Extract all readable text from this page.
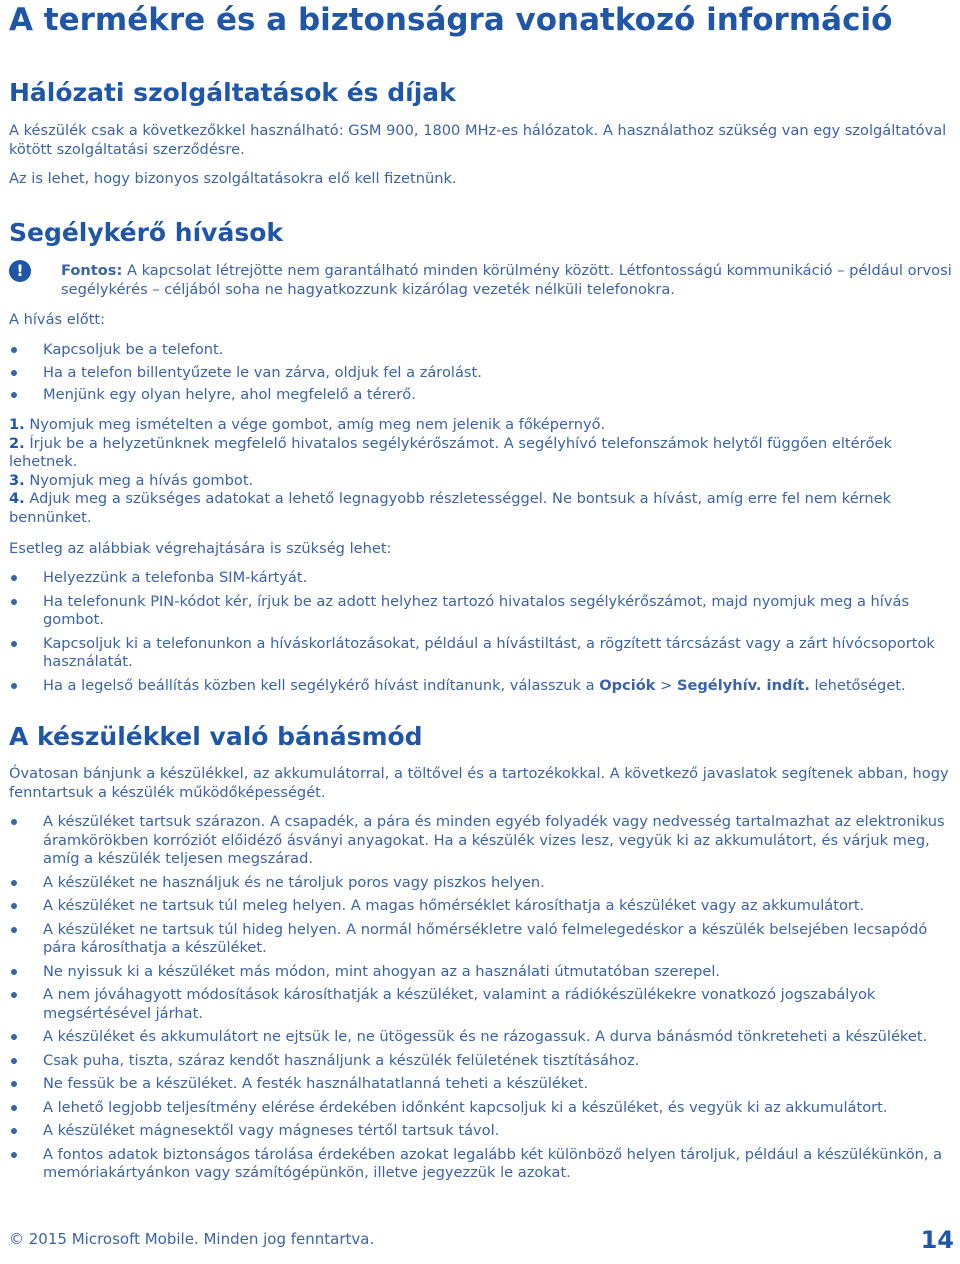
A termékre és a biztonságra vonatkozó információ
Hálózati szolgáltatások és díjak

A készülék csak a következőkkel használható: GSM 900, 1800 MHz-es hálózatok. A használathoz szükség van egy szolgáltatóval kötött szolgáltatási szerződésre.

Az is lehet, hogy bizonyos szolgáltatásokra elő kell fizetnünk.

Segélykérő hívások
!	Fontos: A kapcsolat létrejötte nem garantálható minden körülmény között. Létfontosságú kommunikáció – például orvosi segélykérés – céljából soha ne hagyatkozzunk kizárólag vezeték nélküli telefonokra.

A hívás előtt:

Kapcsoljuk be a telefont.
Ha a telefon billentyűzete le van zárva, oldjuk fel a zárolást.
Menjünk egy olyan helyre, ahol megfelelő a térerő.

1. Nyomjuk meg ismételten a vége gombot, amíg meg nem jelenik a főképernyő.

2. Írjuk be a helyzetünknek megfelelő hivatalos segélykérőszámot. A segélyhívó telefonszámok helytől függően eltérőek lehetnek.

3. Nyomjuk meg a hívás gombot.

4. Adjuk meg a szükséges adatokat a lehető legnagyobb részletességgel. Ne bontsuk a hívást, amíg erre fel nem kérnek bennünket.

Esetleg az alábbiak végrehajtására is szükség lehet:

Helyezzünk a telefonba SIM-kártyát.
Ha telefonunk PIN-kódot kér, írjuk be az adott helyhez tartozó hivatalos segélykérőszámot, majd nyomjuk meg a hívás gombot.
Kapcsoljuk ki a telefonunkon a híváskorlátozásokat, például a hívástiltást, a rögzített tárcsázást vagy a zárt hívócsoportok használatát.
Ha a legelső beállítás közben kell segélykérő hívást indítanunk, válasszuk a Opciók > Segélyhív. indít. lehetőséget.
A készülékkel való bánásmód

Óvatosan bánjunk a készülékkel, az akkumulátorral, a töltővel és a tartozékokkal. A következő javaslatok segítenek abban, hogy fenntartsuk a készülék működőképességét.

A készüléket tartsuk szárazon. A csapadék, a pára és minden egyéb folyadék vagy nedvesség tartalmazhat az elektronikus áramkörökben korróziót előidéző ásványi anyagokat. Ha a készülék vizes lesz, vegyük ki az akkumulátort, és várjuk meg, amíg a készülék teljesen megszárad.
A készüléket ne használjuk és ne tároljuk poros vagy piszkos helyen.
A készüléket ne tartsuk túl meleg helyen. A magas hőmérséklet károsíthatja a készüléket vagy az akkumulátort.
A készüléket ne tartsuk túl hideg helyen. A normál hőmérsékletre való felmelegedéskor a készülék belsejében lecsapódó pára károsíthatja a készüléket.
Ne nyissuk ki a készüléket más módon, mint ahogyan az a használati útmutatóban szerepel.
A nem jóváhagyott módosítások károsíthatják a készüléket, valamint a rádiókészülékekre vonatkozó jogszabályok megsértésével járhat.
A készüléket és akkumulátort ne ejtsük le, ne ütögessük és ne rázogassuk. A durva bánásmód tönkreteheti a készüléket.
Csak puha, tiszta, száraz kendőt használjunk a készülék felületének tisztításához.
Ne fessük be a készüléket. A festék használhatatlanná teheti a készüléket.
A lehető legjobb teljesítmény elérése érdekében időnként kapcsoljuk ki a készüléket, és vegyük ki az akkumulátort.
A készüléket mágnesektől vagy mágneses tértől tartsuk távol.
A fontos adatok biztonságos tárolása érdekében azokat legalább két különböző helyen tároljuk, például a készülékünkön, a memóriakártyánkon vagy számítógépünkön, illetve jegyezzük le azokat.
© 2015 Microsoft Mobile. Minden jog fenntartva.	14
